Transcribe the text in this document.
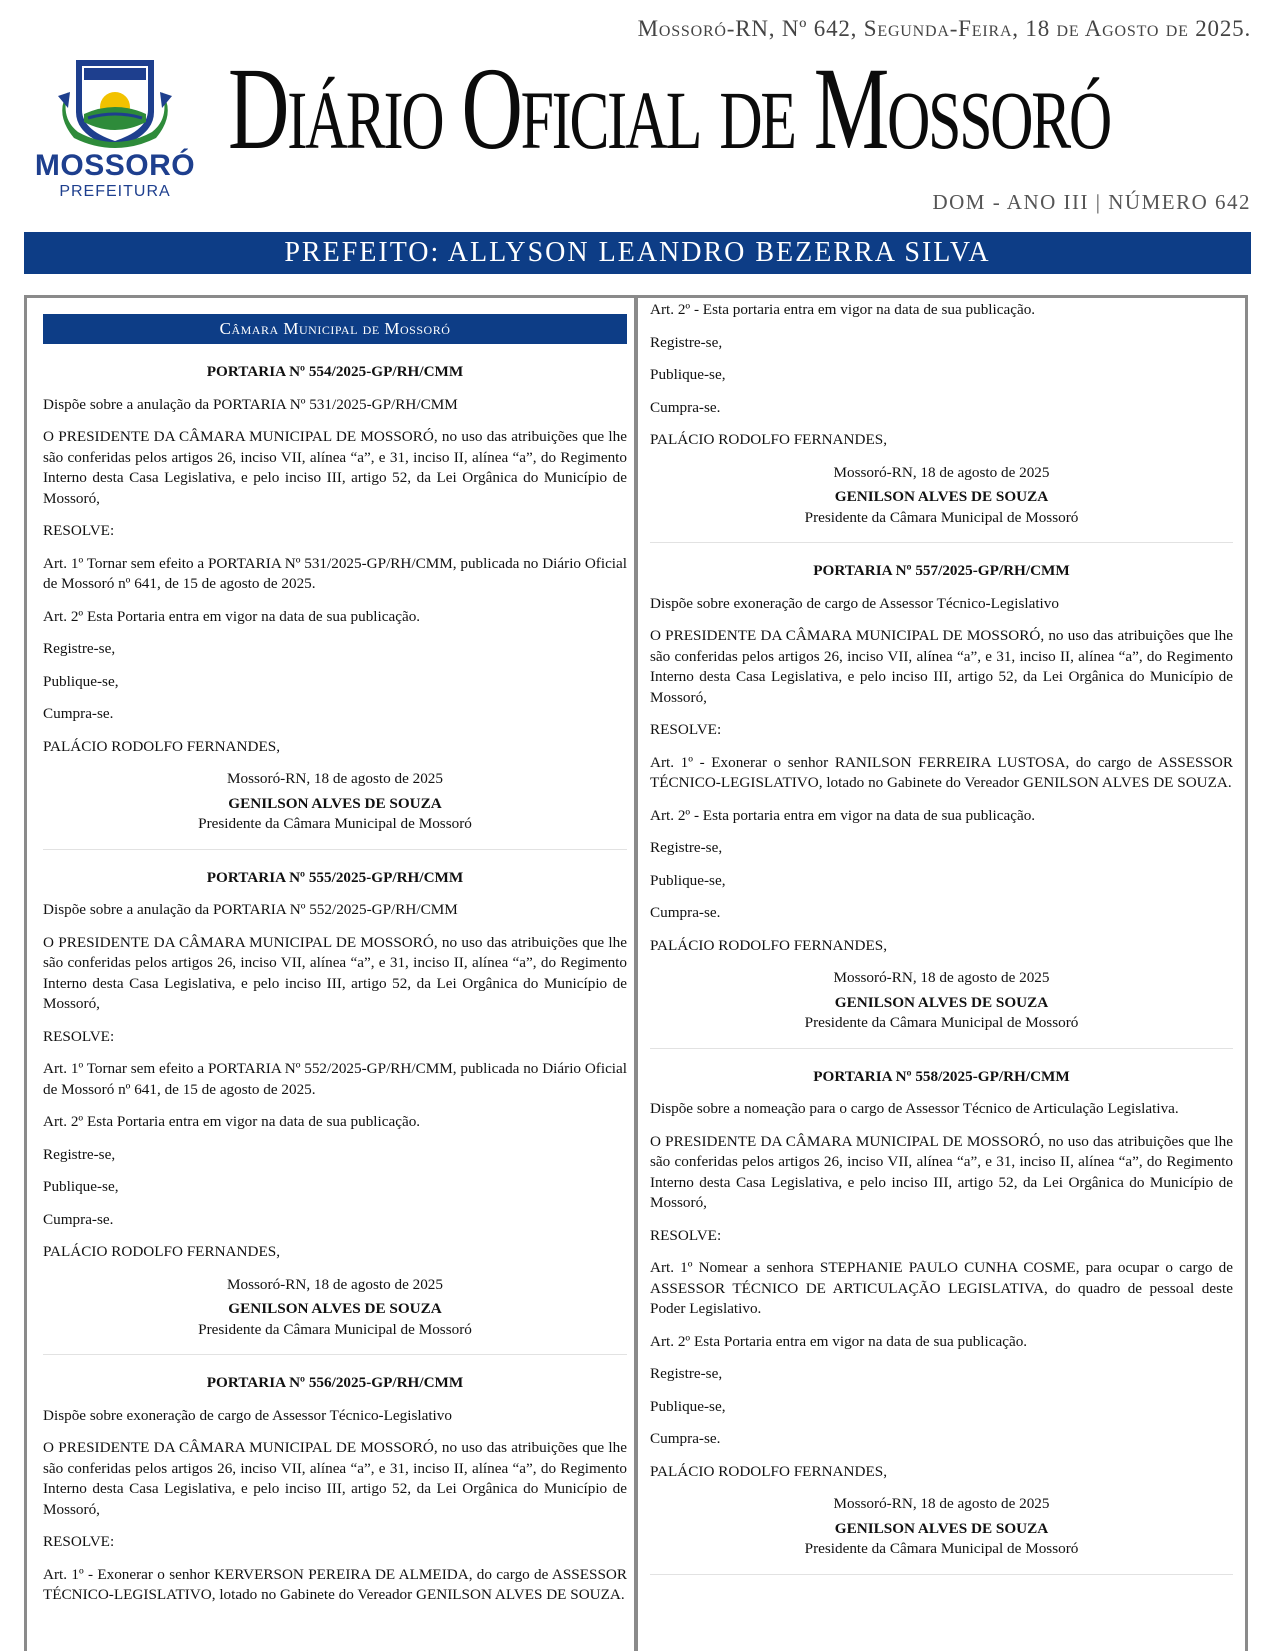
MOSSORÓ
PREFEITURA
Mossoró-RN, Nº 642, Segunda-Feira, 18 de Agosto de 2025.
Diário Oficial de Mossoró
DOM - ANO III | NÚMERO 642
PREFEITO: ALLYSON LEANDRO BEZERRA SILVA
Câmara Municipal de Mossoró
PORTARIA Nº 554/2025-GP/RH/CMM

Dispõe sobre a anulação da PORTARIA Nº 531/2025-GP/RH/CMM

O PRESIDENTE DA CÂMARA MUNICIPAL DE MOSSORÓ, no uso das atribuições que lhe são conferidas pelos artigos 26, inciso VII, alínea “a”, e 31, inciso II, alínea “a”, do Regimento Interno desta Casa Legislativa, e pelo inciso III, artigo 52, da Lei Orgânica do Município de Mossoró,

RESOLVE:

Art. 1º Tornar sem efeito a PORTARIA Nº 531/2025-GP/RH/CMM, publicada no Diário Oficial de Mossoró nº 641, de 15 de agosto de 2025.

Art. 2º Esta Portaria entra em vigor na data de sua publicação.

Registre-se,

Publique-se,

Cumpra-se.

PALÁCIO RODOLFO FERNANDES,

Mossoró-RN, 18 de agosto de 2025
GENILSON ALVES DE SOUZA
Presidente da Câmara Municipal de Mossoró
PORTARIA Nº 555/2025-GP/RH/CMM

Dispõe sobre a anulação da PORTARIA Nº 552/2025-GP/RH/CMM

O PRESIDENTE DA CÂMARA MUNICIPAL DE MOSSORÓ, no uso das atribuições que lhe são conferidas pelos artigos 26, inciso VII, alínea “a”, e 31, inciso II, alínea “a”, do Regimento Interno desta Casa Legislativa, e pelo inciso III, artigo 52, da Lei Orgânica do Município de Mossoró,

RESOLVE:

Art. 1º Tornar sem efeito a PORTARIA Nº 552/2025-GP/RH/CMM, publicada no Diário Oficial de Mossoró nº 641, de 15 de agosto de 2025.

Art. 2º Esta Portaria entra em vigor na data de sua publicação.

Registre-se,

Publique-se,

Cumpra-se.

PALÁCIO RODOLFO FERNANDES,

Mossoró-RN, 18 de agosto de 2025
GENILSON ALVES DE SOUZA
Presidente da Câmara Municipal de Mossoró
PORTARIA Nº 556/2025-GP/RH/CMM

Dispõe sobre exoneração de cargo de Assessor Técnico-Legislativo

O PRESIDENTE DA CÂMARA MUNICIPAL DE MOSSORÓ, no uso das atribuições que lhe são conferidas pelos artigos 26, inciso VII, alínea “a”, e 31, inciso II, alínea “a”, do Regimento Interno desta Casa Legislativa, e pelo inciso III, artigo 52, da Lei Orgânica do Município de Mossoró,

RESOLVE:

Art. 1º - Exonerar o senhor KERVERSON PEREIRA DE ALMEIDA, do cargo de ASSESSOR TÉCNICO-LEGISLATIVO, lotado no Gabinete do Vereador GENILSON ALVES DE SOUZA.

Art. 2º - Esta portaria entra em vigor na data de sua publicação.

Registre-se,

Publique-se,

Cumpra-se.

PALÁCIO RODOLFO FERNANDES,

Mossoró-RN, 18 de agosto de 2025
GENILSON ALVES DE SOUZA
Presidente da Câmara Municipal de Mossoró
PORTARIA Nº 557/2025-GP/RH/CMM

Dispõe sobre exoneração de cargo de Assessor Técnico-Legislativo

O PRESIDENTE DA CÂMARA MUNICIPAL DE MOSSORÓ, no uso das atribuições que lhe são conferidas pelos artigos 26, inciso VII, alínea “a”, e 31, inciso II, alínea “a”, do Regimento Interno desta Casa Legislativa, e pelo inciso III, artigo 52, da Lei Orgânica do Município de Mossoró,

RESOLVE:

Art. 1º - Exonerar o senhor RANILSON FERREIRA LUSTOSA, do cargo de ASSESSOR TÉCNICO-LEGISLATIVO, lotado no Gabinete do Vereador GENILSON ALVES DE SOUZA.

Art. 2º - Esta portaria entra em vigor na data de sua publicação.

Registre-se,

Publique-se,

Cumpra-se.

PALÁCIO RODOLFO FERNANDES,

Mossoró-RN, 18 de agosto de 2025
GENILSON ALVES DE SOUZA
Presidente da Câmara Municipal de Mossoró
PORTARIA Nº 558/2025-GP/RH/CMM

Dispõe sobre a nomeação para o cargo de Assessor Técnico de Articulação Legislativa.

O PRESIDENTE DA CÂMARA MUNICIPAL DE MOSSORÓ, no uso das atribuições que lhe são conferidas pelos artigos 26, inciso VII, alínea “a”, e 31, inciso II, alínea “a”, do Regimento Interno desta Casa Legislativa, e pelo inciso III, artigo 52, da Lei Orgânica do Município de Mossoró,

RESOLVE:

Art. 1º Nomear a senhora STEPHANIE PAULO CUNHA COSME, para ocupar o cargo de ASSESSOR TÉCNICO DE ARTICULAÇÃO LEGISLATIVA, do quadro de pessoal deste Poder Legislativo.

Art. 2º Esta Portaria entra em vigor na data de sua publicação.

Registre-se,

Publique-se,

Cumpra-se.

PALÁCIO RODOLFO FERNANDES,

Mossoró-RN, 18 de agosto de 2025
GENILSON ALVES DE SOUZA
Presidente da Câmara Municipal de Mossoró
